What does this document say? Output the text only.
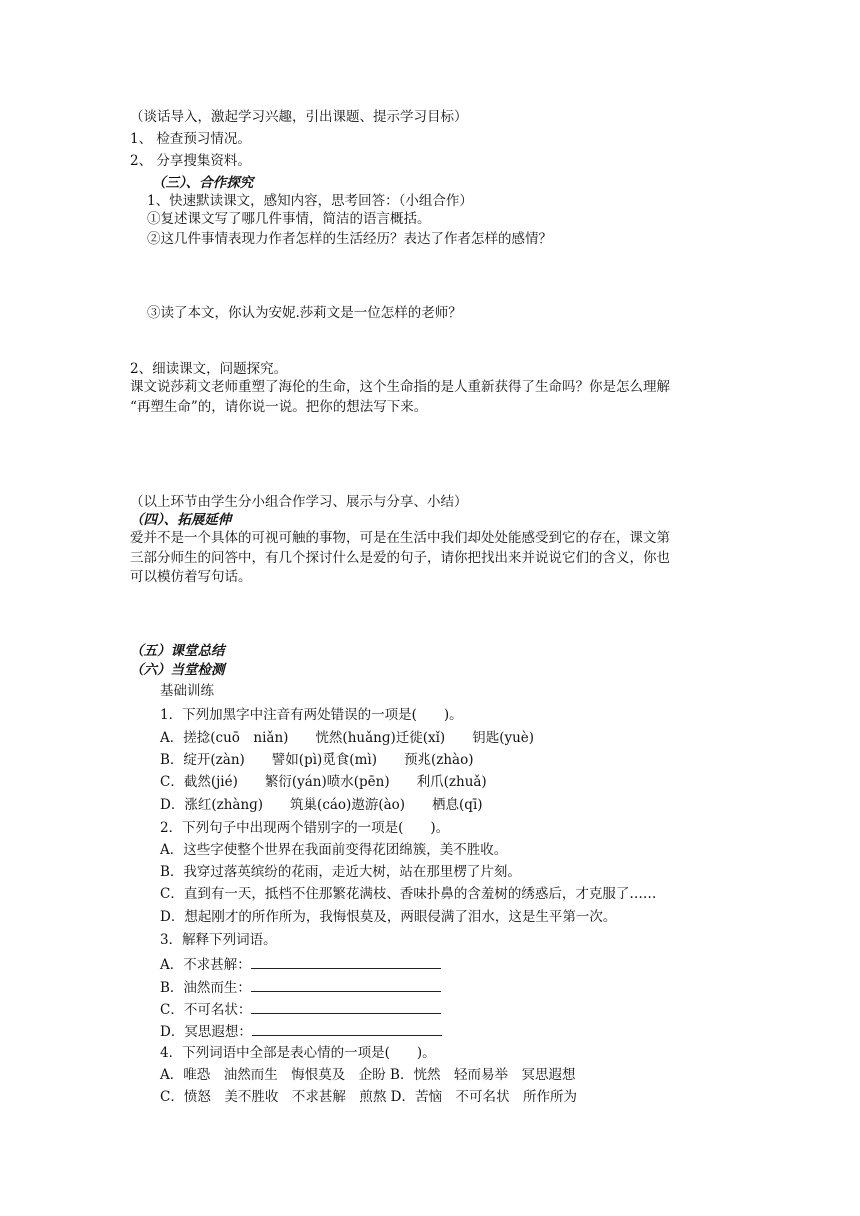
（谈话导入，激起学习兴趣，引出课题、提示学习目标）
1、 检查预习情况。
2、 分享搜集资料。
（三）、合作探究
1、快速默读课文，感知内容，思考回答：（小组合作）
①复述课文写了哪几件事情，简洁的语言概括。
②这几件事情表现力作者怎样的生活经历？表达了作者怎样的感情？
③读了本文，你认为安妮.莎莉文是一位怎样的老师？
2、细读课文，问题探究。
课文说莎莉文老师重塑了海伦的生命，这个生命指的是人重新获得了生命吗？你是怎么理解
“再塑生命”的，请你说一说。把你的想法写下来。
（以上环节由学生分小组合作学习、展示与分享、小结）
（四）、拓展延伸
爱并不是一个具体的可视可触的事物，可是在生活中我们却处处能感受到它的存在，课文第
三部分师生的问答中，有几个探讨什么是爱的句子，请你把找出来并说说它们的含义，你也
可以模仿着写句话。
（五）课堂总结
（六）当堂检测
基础训练
1．下列加黑字中注音有两处错误的一项是(　　)。
A．搓捻(cuō　niǎn)　　恍然(huǎnɡ)迁徙(xǐ)　　钥匙(yuè)
B．绽开(zàn)　　譬如(pì)觅食(mì)　　预兆(zhào)
C．截然(jié)　　繁衍(yán)喷水(pēn)　　利爪(zhuǎ)
D．涨红(zhànɡ)　　筑巢(cáo)遨游(ào)　　栖息(qī)
2．下列句子中出现两个错别字的一项是(　　)。
A．这些字使整个世界在我面前变得花团绵簇，美不胜收。
B．我穿过落英缤纷的花雨，走近大树，站在那里楞了片刻。
C．直到有一天，抵档不住那繁花满枝、香味扑鼻的含羞树的绣惑后，才克服了……
D．想起刚才的所作所为，我悔恨莫及，两眼侵满了泪水，这是生平第一次。
3．解释下列词语。
A．不求甚解：
B．油然而生：
C．不可名状：
D．冥思遐想：
4．下列词语中全部是表心情的一项是(　　)。
A．唯恐　油然而生　悔恨莫及　企盼 B．恍然　轻而易举　冥思遐想
C．愤怒　美不胜收　不求甚解　煎熬 D．苦恼　不可名状　所作所为
